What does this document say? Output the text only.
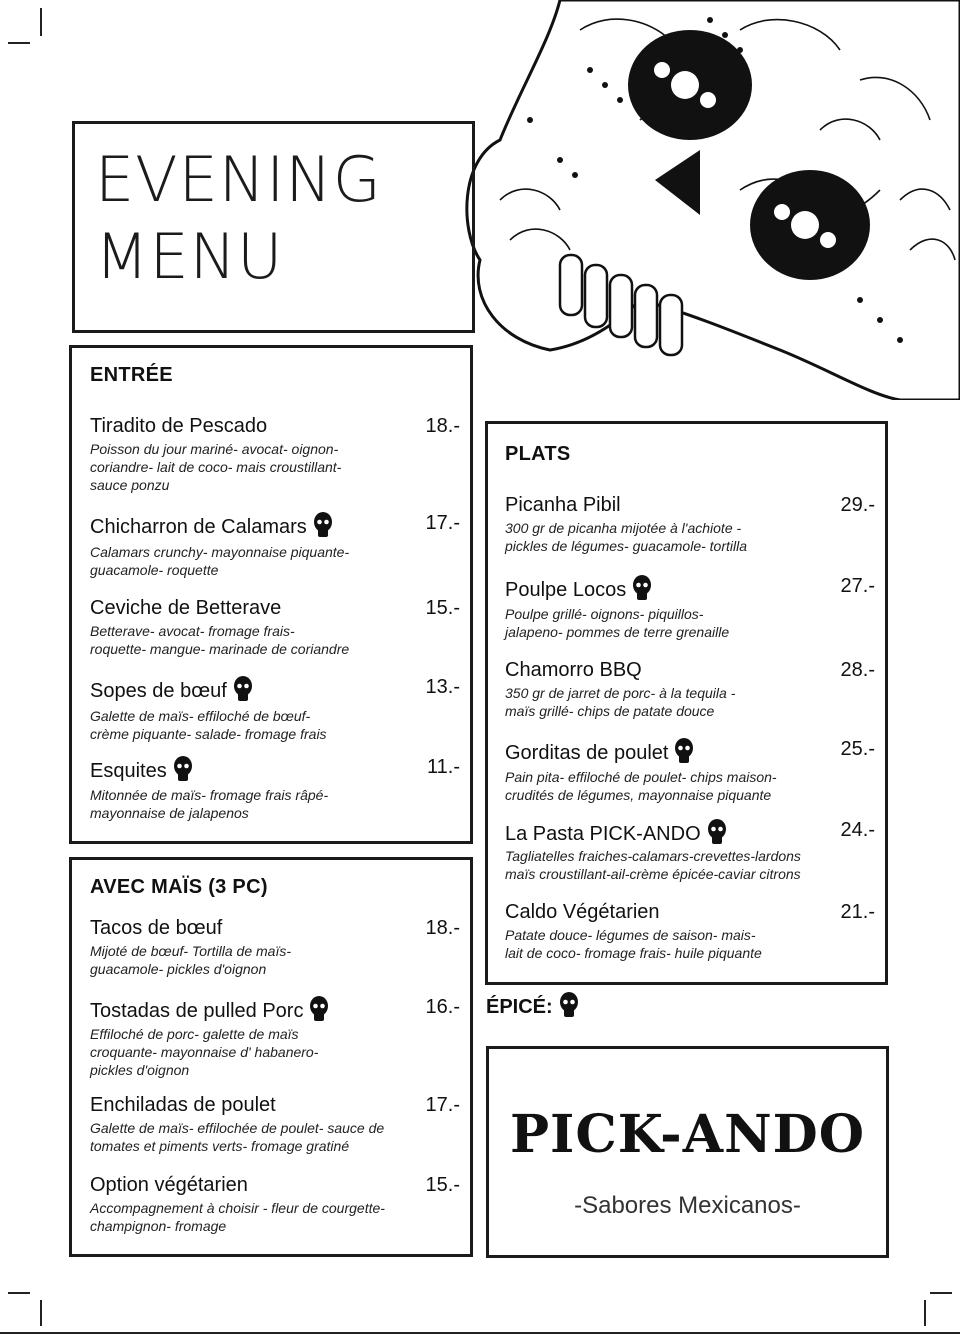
EVENING
MENU
ENTRÉE
Tiradito de Pescado	18.-
Poisson du jour mariné- avocat- oignon-
coriandre- lait de coco- mais croustillant-
sauce ponzu
Chicharron de Calamars	17.-
Calamars crunchy- mayonnaise piquante-
guacamole- roquette
Ceviche de Betterave	15.-
Betterave- avocat- fromage frais-
roquette- mangue- marinade de coriandre
Sopes de bœuf	13.-
Galette de maïs- effiloché de bœuf-
crème piquante- salade- fromage frais
Esquites	11.-
Mitonnée de maïs- fromage frais râpé-
mayonnaise de jalapenos
AVEC MAÏS (3 PC)
Tacos de bœuf	18.-
Mijoté de bœuf- Tortilla de maïs-
guacamole- pickles d'oignon
Tostadas de pulled Porc	16.-
Effiloché de porc- galette de maïs
croquante- mayonnaise d' habanero-
pickles d'oignon
Enchiladas de poulet	17.-
Galette de maïs- effilochée de poulet- sauce de
tomates et piments verts- fromage gratiné
Option végétarien	15.-
Accompagnement à choisir - fleur de courgette-
champignon- fromage
PLATS
Picanha Pibil	29.-
300 gr de picanha mijotée à l'achiote -
pickles de légumes- guacamole- tortilla
Poulpe Locos	27.-
Poulpe grillé- oignons- piquillos-
jalapeno- pommes de terre grenaille
Chamorro BBQ	28.-
350 gr de jarret de porc- à la tequila -
maïs grillé- chips de patate douce
Gorditas de poulet	25.-
Pain pita- effiloché de poulet- chips maison-
crudités de légumes, mayonnaise piquante
La Pasta PICK-ANDO	24.-
Tagliatelles fraiches-calamars-crevettes-lardons
maïs croustillant-ail-crème épicée-caviar citrons
Caldo Végétarien	21.-
Patate douce- légumes de saison- mais-
lait de coco- fromage frais- huile piquante
ÉPICÉ:
PICK-ANDO
-Sabores Mexicanos-
